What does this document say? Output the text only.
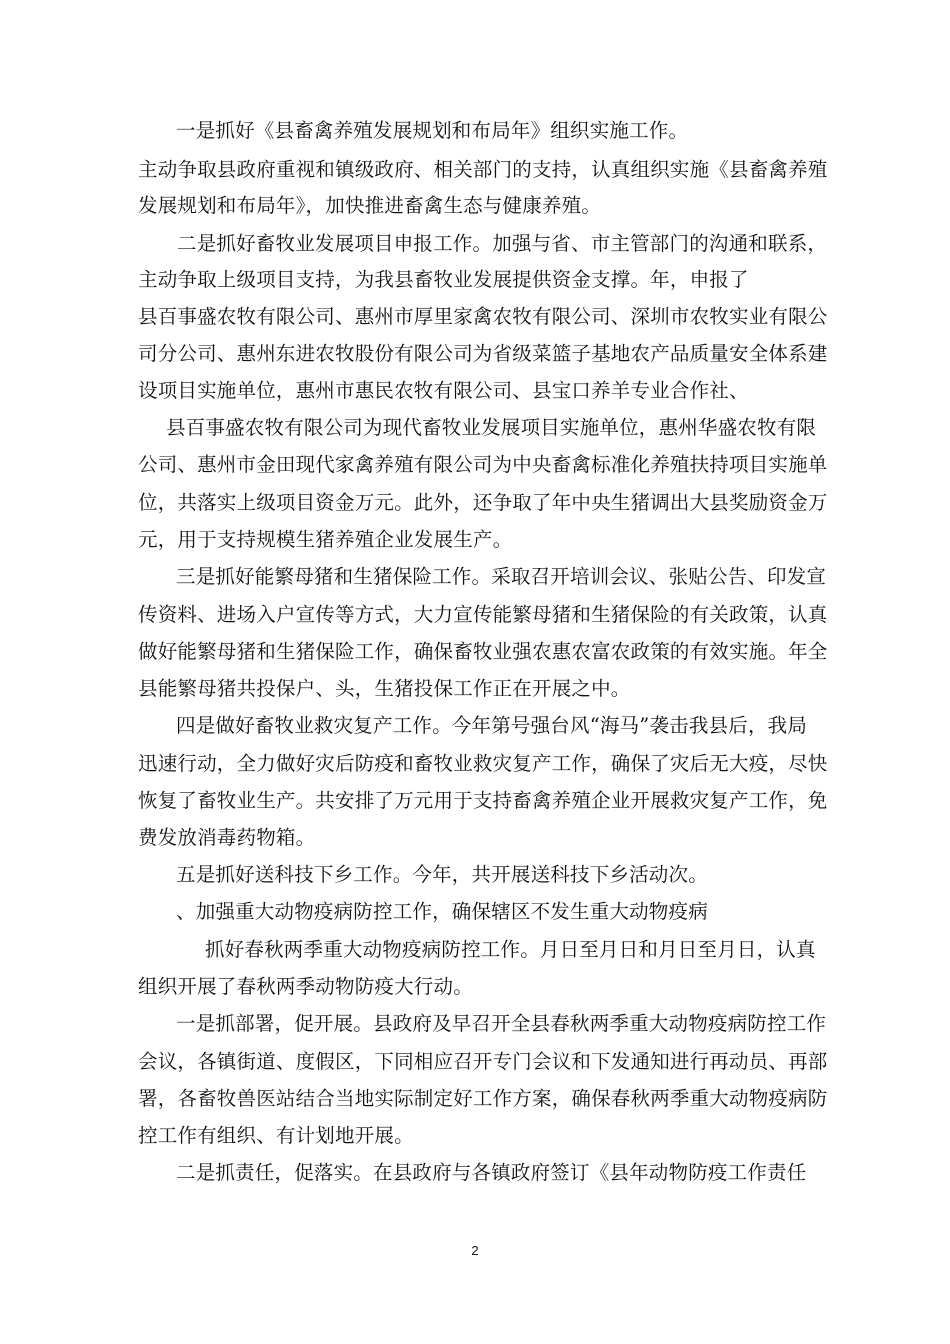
一是抓好《县畜禽养殖发展规划和布局年》组织实施工作。
主动争取县政府重视和镇级政府、相关部门的支持，认真组织实施《县畜禽养殖
发展规划和布局年》，加快推进畜禽生态与健康养殖。
二是抓好畜牧业发展项目申报工作。加强与省、市主管部门的沟通和联系，
主动争取上级项目支持，为我县畜牧业发展提供资金支撑。年，申报了
县百事盛农牧有限公司、惠州市厚里家禽农牧有限公司、深圳市农牧实业有限公
司分公司、惠州东进农牧股份有限公司为省级菜篮子基地农产品质量安全体系建
设项目实施单位，惠州市惠民农牧有限公司、县宝口养羊专业合作社、
县百事盛农牧有限公司为现代畜牧业发展项目实施单位，惠州华盛农牧有限
公司、惠州市金田现代家禽养殖有限公司为中央畜禽标准化养殖扶持项目实施单
位，共落实上级项目资金万元。此外，还争取了年中央生猪调出大县奖励资金万
元，用于支持规模生猪养殖企业发展生产。
三是抓好能繁母猪和生猪保险工作。采取召开培训会议、张贴公告、印发宣
传资料、进场入户宣传等方式，大力宣传能繁母猪和生猪保险的有关政策，认真
做好能繁母猪和生猪保险工作，确保畜牧业强农惠农富农政策的有效实施。年全
县能繁母猪共投保户、头，生猪投保工作正在开展之中。
四是做好畜牧业救灾复产工作。今年第号强台风“海马”袭击我县后，我局
迅速行动，全力做好灾后防疫和畜牧业救灾复产工作，确保了灾后无大疫，尽快
恢复了畜牧业生产。共安排了万元用于支持畜禽养殖企业开展救灾复产工作，免
费发放消毒药物箱。
五是抓好送科技下乡工作。今年，共开展送科技下乡活动次。
、加强重大动物疫病防控工作，确保辖区不发生重大动物疫病
抓好春秋两季重大动物疫病防控工作。月日至月日和月日至月日，认真
组织开展了春秋两季动物防疫大行动。
一是抓部署，促开展。县政府及早召开全县春秋两季重大动物疫病防控工作
会议，各镇街道、度假区，下同相应召开专门会议和下发通知进行再动员、再部
署，各畜牧兽医站结合当地实际制定好工作方案，确保春秋两季重大动物疫病防
控工作有组织、有计划地开展。
二是抓责任，促落实。在县政府与各镇政府签订《县年动物防疫工作责任
2
